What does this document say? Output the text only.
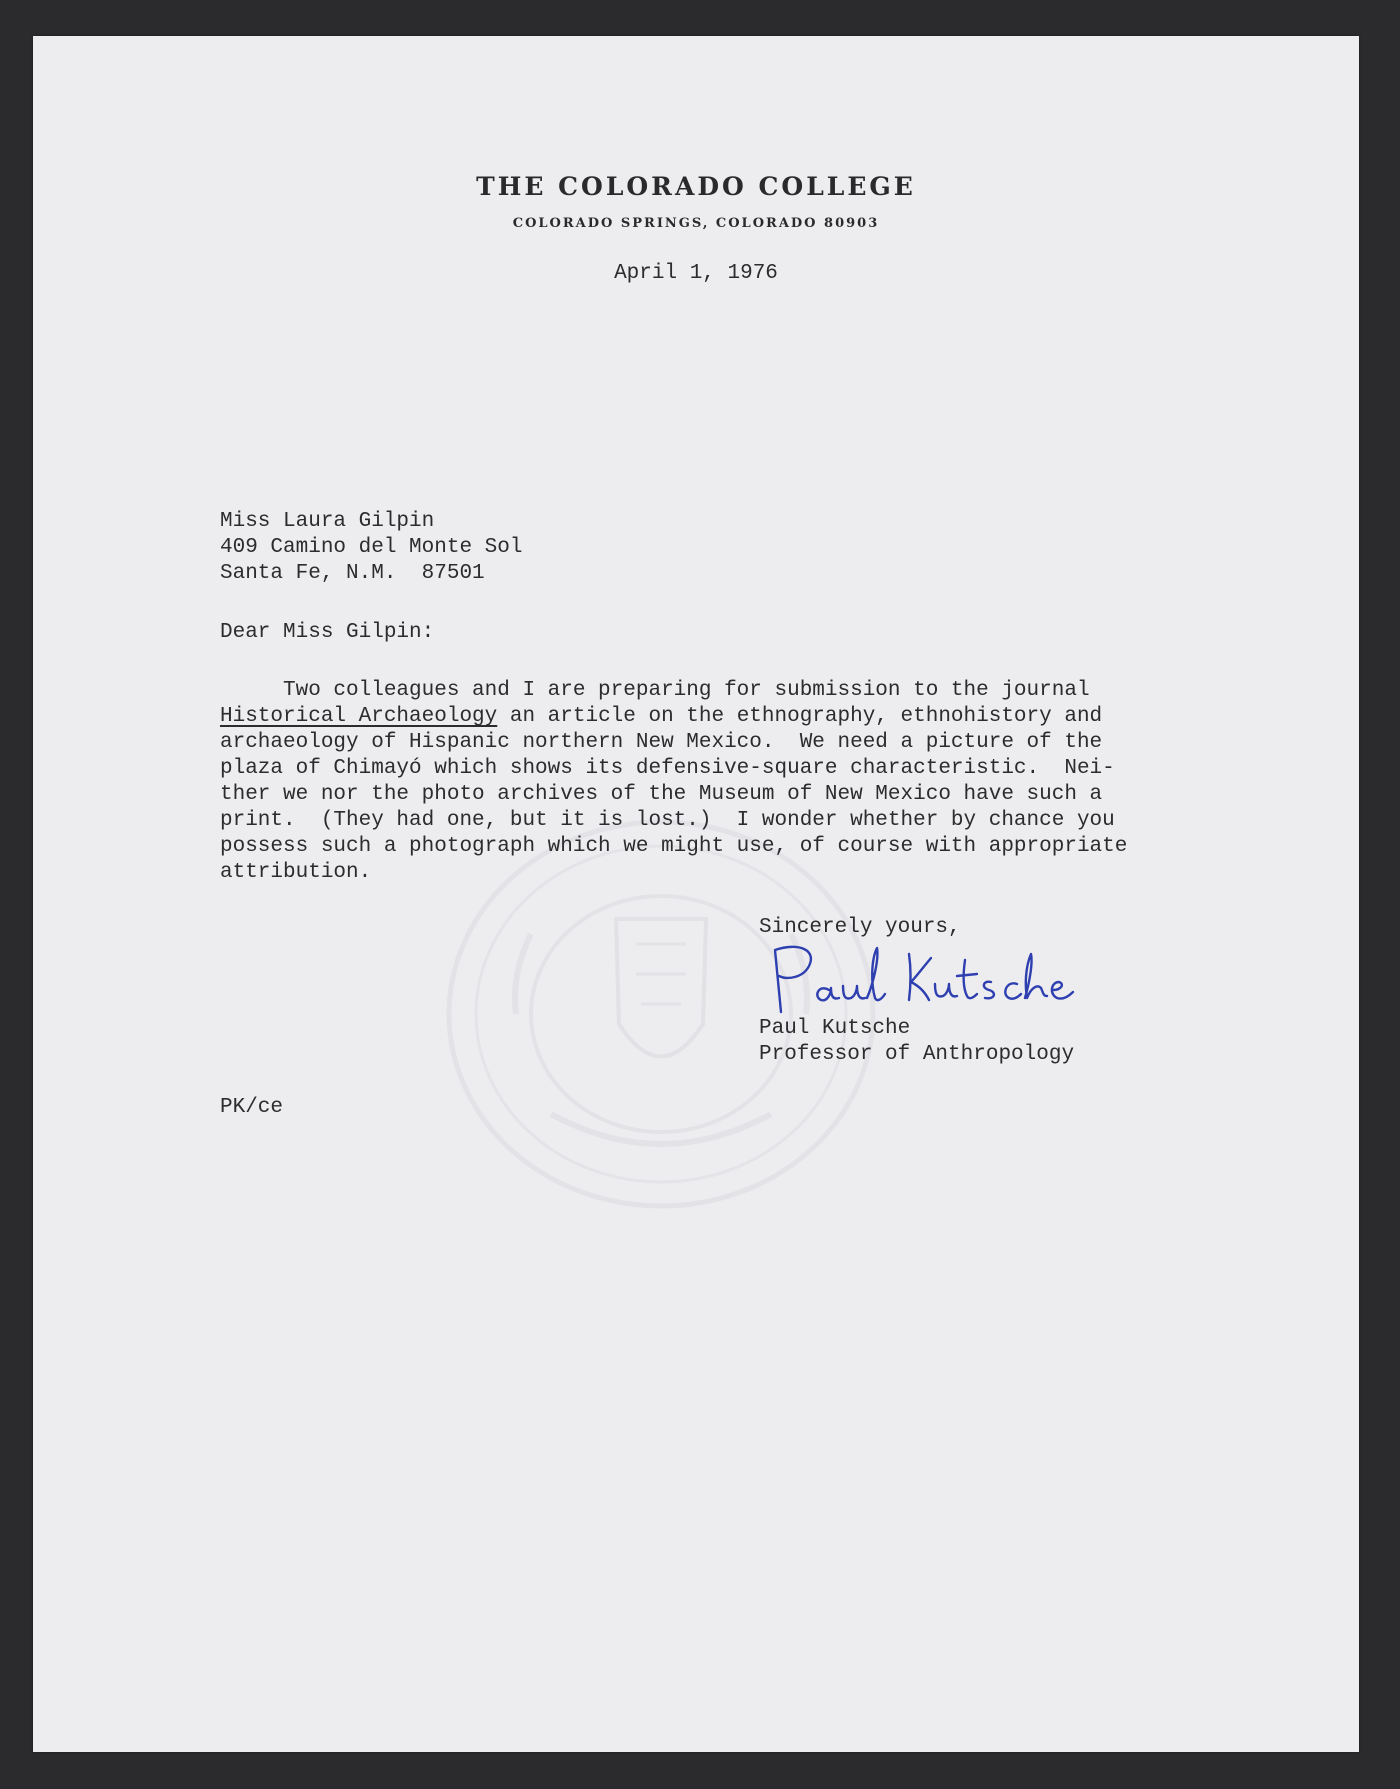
THE COLORADO COLLEGE
COLORADO SPRINGS, COLORADO 80903
April 1, 1976
Miss Laura Gilpin
409 Camino del Monte Sol
Santa Fe, N.M.  87501
Dear Miss Gilpin:
Two colleagues and I are preparing for submission to the journal
Historical Archaeology an article on the ethnography, ethnohistory and
archaeology of Hispanic northern New Mexico.  We need a picture of the
plaza of Chimayó which shows its defensive-square characteristic.  Nei-
ther we nor the photo archives of the Museum of New Mexico have such a
print.  (They had one, but it is lost.)  I wonder whether by chance you
possess such a photograph which we might use, of course with appropriate
attribution.
Sincerely yours,
Paul Kutsche
Professor of Anthropology
PK/ce
